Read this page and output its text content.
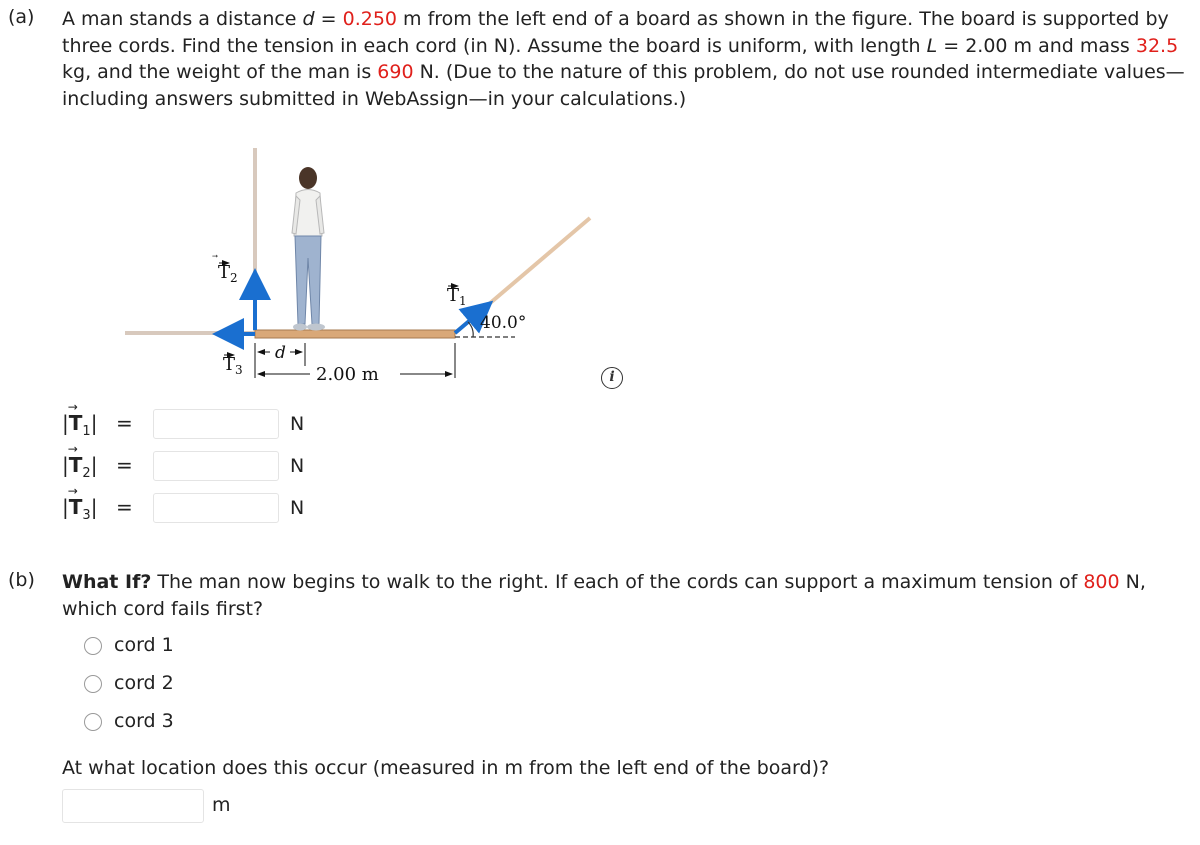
(a) A man stands a distance d = 0.250 m from the left end of a board as shown in the figure. The board is supported by three cords. Find the tension in each cord (in N). Assume the board is uniform, with length L = 2.00 m and mass 32.5 kg, and the weight of the man is 690 N. (Due to the nature of this problem, do not use rounded intermediate values—including answers submitted in WebAssign—in your calculations.)
$T_2$
$T_1$
$T_3$
40.0°
d
2.00 m	i
|
→
$T_1|$ =	N
|
→
$T_2|$ =	N
|
→
$T_3|$ =	N
(b) What If? The man now begins to walk to the right. If each of the cords can support a maximum tension of 800 N, which cord fails first?
cord 1
cord 2
cord 3
At what location does this occur (measured in m from the left end of the board)?
m
